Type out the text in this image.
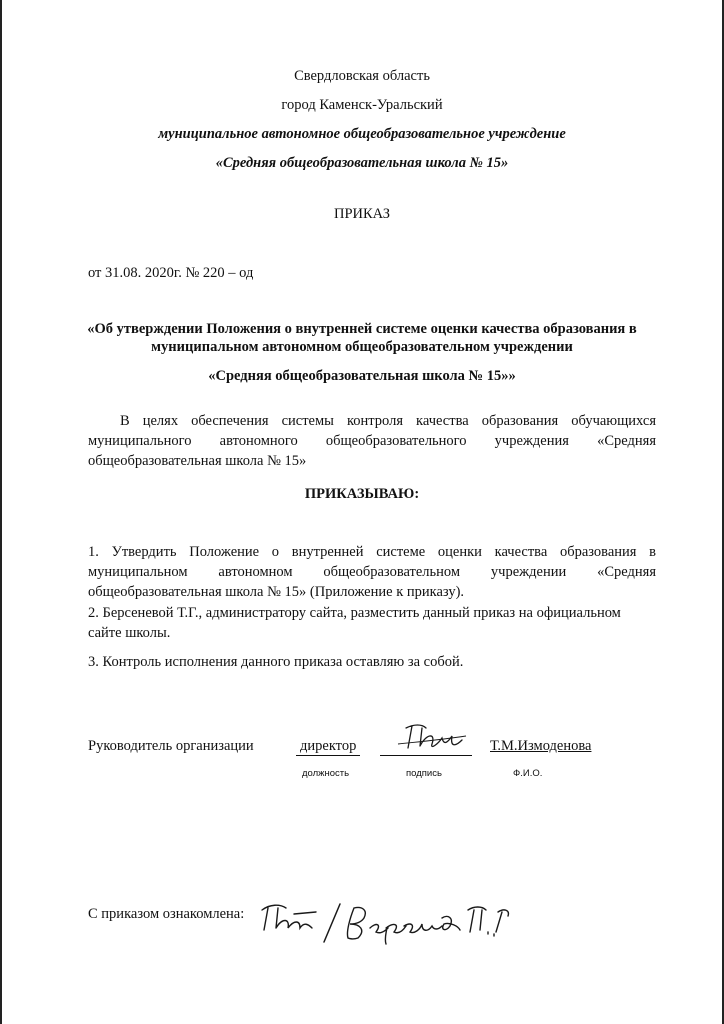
Свердловская область
город Каменск-Уральский
муниципальное автономное общеобразовательное учреждение
«Средняя общеобразовательная школа № 15»
ПРИКАЗ
от 31.08. 2020г. № 220 – од
«Об утверждении Положения о внутренней системе оценки качества образования в
муниципальном автономном общеобразовательном учреждении
«Средняя общеобразовательная школа № 15»»
В целях обеспечения системы контроля качества образования обучающихся муниципального автономного общеобразовательного учреждения «Средняя общеобразовательная школа № 15»
ПРИКАЗЫВАЮ:
1. Утвердить Положение о внутренней системе оценки качества образования в муниципальном автономном общеобразовательном учреждении «Средняя общеобразовательная школа № 15» (Приложение к приказу).
2. Берсеневой Т.Г., администратору сайта, разместить данный приказ на официальном
сайте школы.
3. Контроль исполнения данного приказа оставляю за собой.
Руководитель организации	директор	Т.М.Измоденова
должность	подпись	Ф.И.О.
С приказом ознакомлена:
